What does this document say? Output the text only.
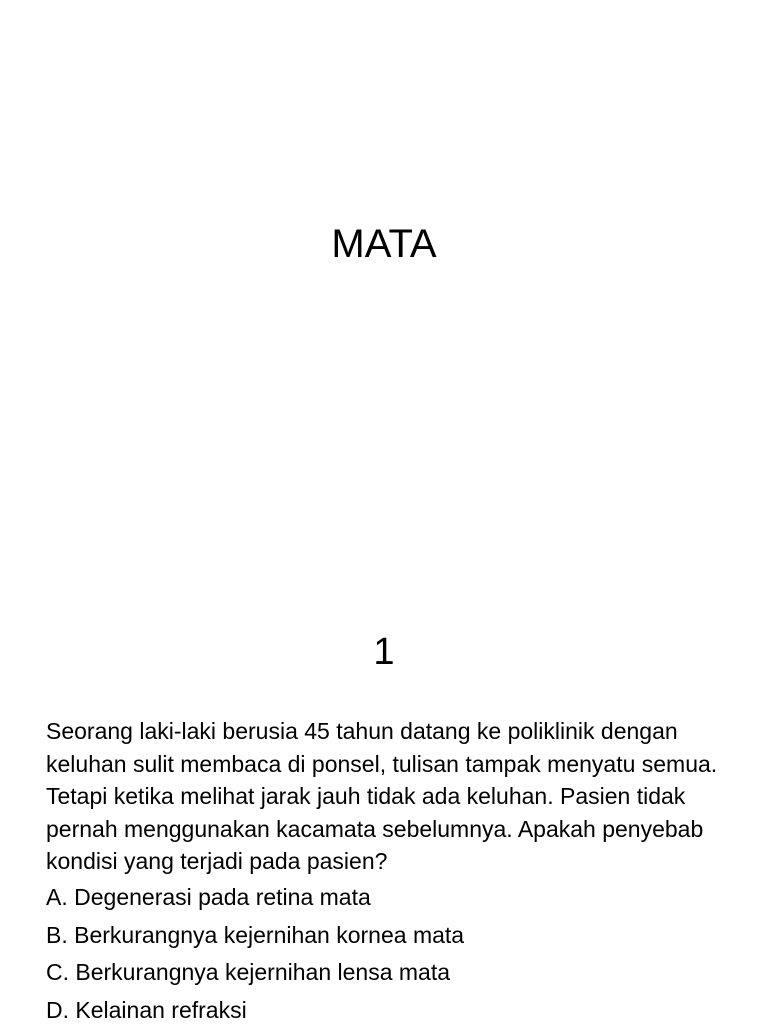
MATA
1

Seorang laki-laki berusia 45 tahun datang ke poliklinik dengan keluhan sulit membaca di ponsel, tulisan tampak menyatu semua. Tetapi ketika melihat jarak jauh tidak ada keluhan. Pasien tidak pernah menggunakan kacamata sebelumnya. Apakah penyebab kondisi yang terjadi pada pasien?

A. Degenerasi pada retina mata
B. Berkurangnya kejernihan kornea mata
C. Berkurangnya kejernihan lensa mata
D. Kelainan refraksi
